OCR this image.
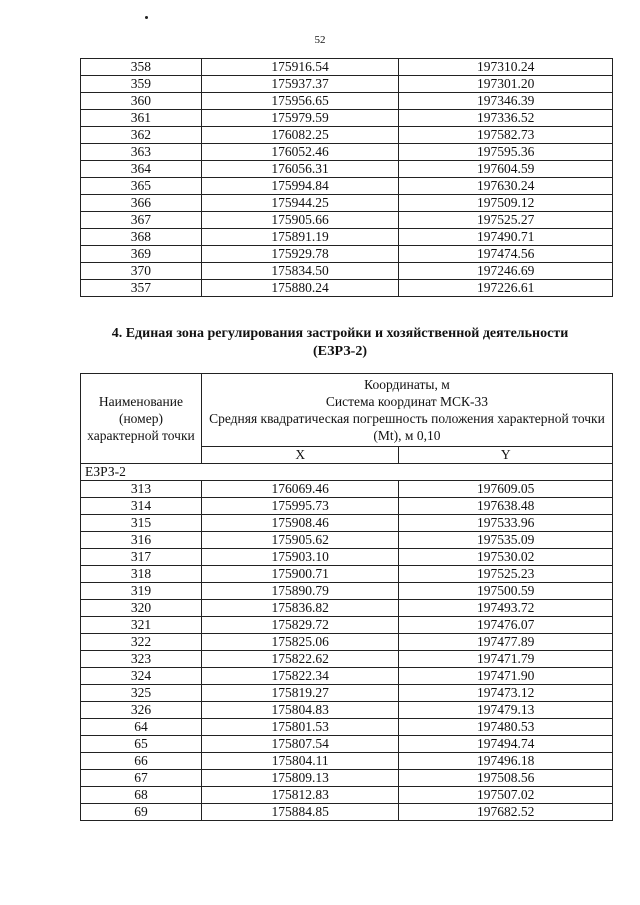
52
358	175916.54	197310.24
359	175937.37	197301.20
360	175956.65	197346.39
361	175979.59	197336.52
362	176082.25	197582.73
363	176052.46	197595.36
364	176056.31	197604.59
365	175994.84	197630.24
366	175944.25	197509.12
367	175905.66	197525.27
368	175891.19	197490.71
369	175929.78	197474.56
370	175834.50	197246.69
357	175880.24	197226.61
4. Единая зона регулирования застройки и хозяйственной деятельности
(ЕЗРЗ-2)
Наименование (номер) характерной точки	Координаты, м
Система координат МСК-33
Средняя квадратическая погрешность положения характерной точки (Mt), м 0,10	

	X	Y
ЕЗРЗ-2		
313	176069.46	197609.05
314	175995.73	197638.48
315	175908.46	197533.96
316	175905.62	197535.09
317	175903.10	197530.02
318	175900.71	197525.23
319	175890.79	197500.59
320	175836.82	197493.72
321	175829.72	197476.07
322	175825.06	197477.89
323	175822.62	197471.79
324	175822.34	197471.90
325	175819.27	197473.12
326	175804.83	197479.13
64	175801.53	197480.53
65	175807.54	197494.74
66	175804.11	197496.18
67	175809.13	197508.56
68	175812.83	197507.02
69	175884.85	197682.52
